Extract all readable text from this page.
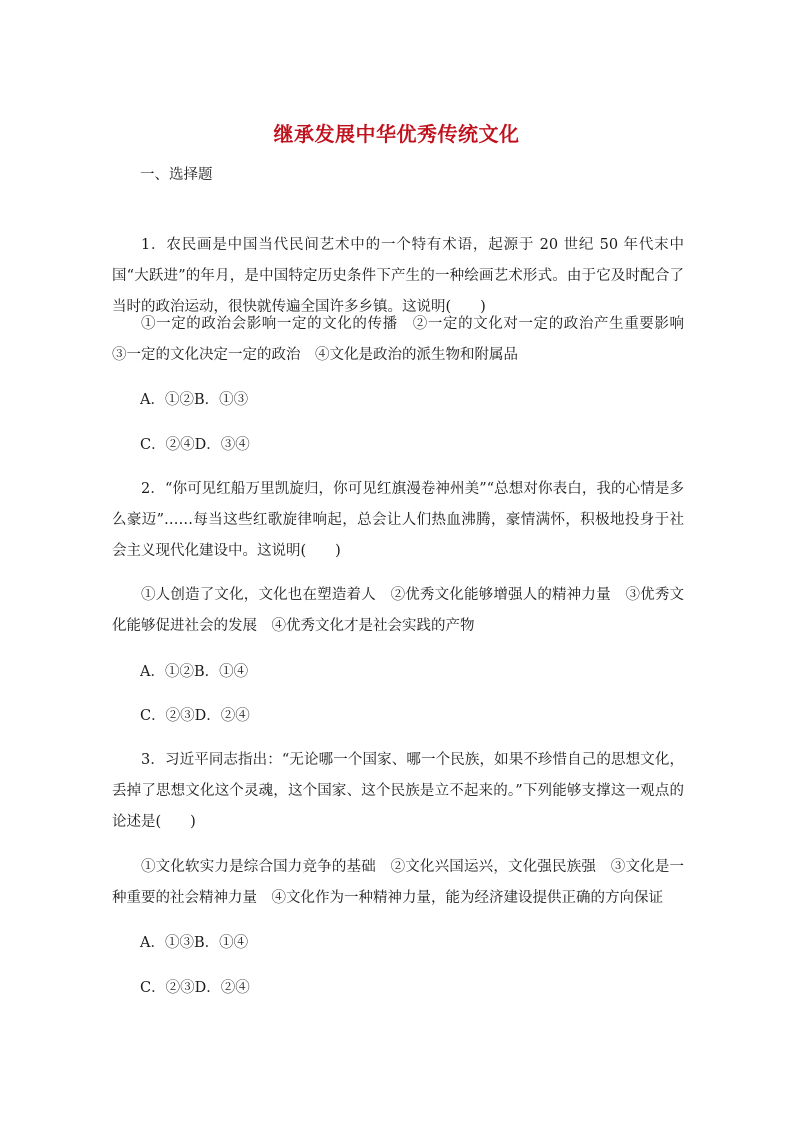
继承发展中华优秀传统文化
一、选择题
1．农民画是中国当代民间艺术中的一个特有术语，起源于 20 世纪 50 年代末中国“大跃进”的年月，是中国特定历史条件下产生的一种绘画艺术形式。由于它及时配合了当时的政治运动，很快就传遍全国许多乡镇。这说明(　　)
①一定的政治会影响一定的文化的传播　②一定的文化对一定的政治产生重要影响　③一定的文化决定一定的政治　④文化是政治的派生物和附属品
A．①②B．①③
C．②④D．③④
2．“你可见红船万里凯旋归，你可见红旗漫卷神州美”“总想对你表白，我的心情是多么豪迈”……每当这些红歌旋律响起，总会让人们热血沸腾，豪情满怀，积极地投身于社会主义现代化建设中。这说明(　　)
①人创造了文化，文化也在塑造着人　②优秀文化能够增强人的精神力量　③优秀文化能够促进社会的发展　④优秀文化才是社会实践的产物
A．①②B．①④
C．②③D．②④
3．习近平同志指出：“无论哪一个国家、哪一个民族，如果不珍惜自己的思想文化，丢掉了思想文化这个灵魂，这个国家、这个民族是立不起来的。”下列能够支撑这一观点的论述是(　　)
①文化软实力是综合国力竞争的基础　②文化兴国运兴，文化强民族强　③文化是一种重要的社会精神力量　④文化作为一种精神力量，能为经济建设提供正确的方向保证
A．①③B．①④
C．②③D．②④
